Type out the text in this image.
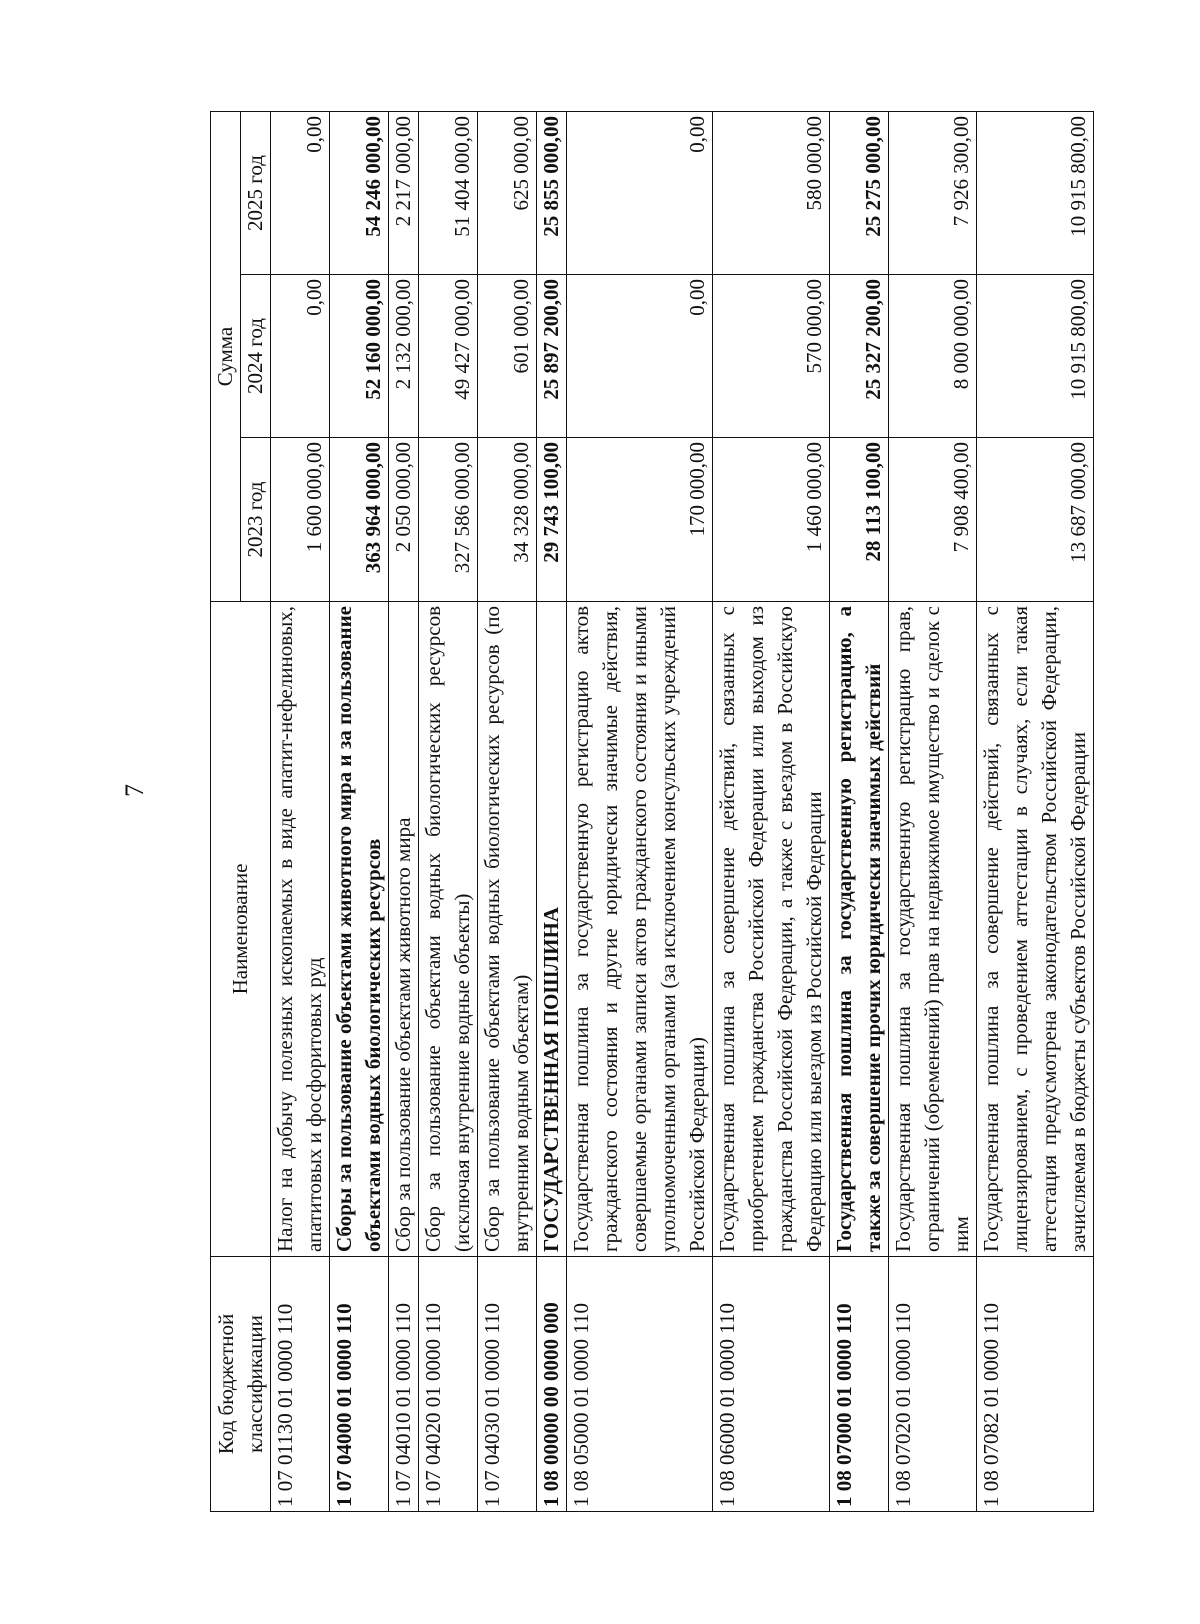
7
Код бюджетной классификации	Наименование	Сумма		
		2023 год	2024 год	2025 год
1 07 01130 01 0000 110	Налог на добычу полезных ископаемых в виде апатит-нефелиновых, апатитовых и фосфоритовых руд	1 600 000,00	0,00	0,00
1 07 04000 01 0000 110	Сборы за пользование объектами животного мира и за пользование объектами водных биологических ресурсов	363 964 000,00	52 160 000,00	54 246 000,00
1 07 04010 01 0000 110	Сбор за пользование объектами животного мира	2 050 000,00	2 132 000,00	2 217 000,00
1 07 04020 01 0000 110	Сбор за пользование объектами водных биологических ресурсов (исключая внутренние водные объекты)	327 586 000,00	49 427 000,00	51 404 000,00
1 07 04030 01 0000 110	Сбор за пользование объектами водных биологических ресурсов (по внутренним водным объектам)	34 328 000,00	601 000,00	625 000,00
1 08 00000 00 0000 000	ГОСУДАРСТВЕННАЯ ПОШЛИНА	29 743 100,00	25 897 200,00	25 855 000,00
1 08 05000 01 0000 110	Государственная пошлина за государственную регистрацию актов гражданского состояния и другие юридически значимые действия, совершаемые органами записи актов гражданского состояния и иными уполномоченными органами (за исключением консульских учреждений Российской Федерации)	170 000,00	0,00	0,00
1 08 06000 01 0000 110	Государственная пошлина за совершение действий, связанных с приобретением гражданства Российской Федерации или выходом из гражданства Российской Федерации, а также с въездом в Российскую Федерацию или выездом из Российской Федерации	1 460 000,00	570 000,00	580 000,00
1 08 07000 01 0000 110	Государственная пошлина за государственную регистрацию, а также за совершение прочих юридически значимых действий	28 113 100,00	25 327 200,00	25 275 000,00
1 08 07020 01 0000 110	Государственная пошлина за государственную регистрацию прав, ограничений (обременений) прав на недвижимое имущество и сделок с ним	7 908 400,00	8 000 000,00	7 926 300,00
1 08 07082 01 0000 110	Государственная пошлина за совершение действий, связанных с лицензированием, с проведением аттестации в случаях, если такая аттестация предусмотрена законодательством Российской Федерации, зачисляемая в бюджеты субъектов Российской Федерации	13 687 000,00	10 915 800,00	10 915 800,00
